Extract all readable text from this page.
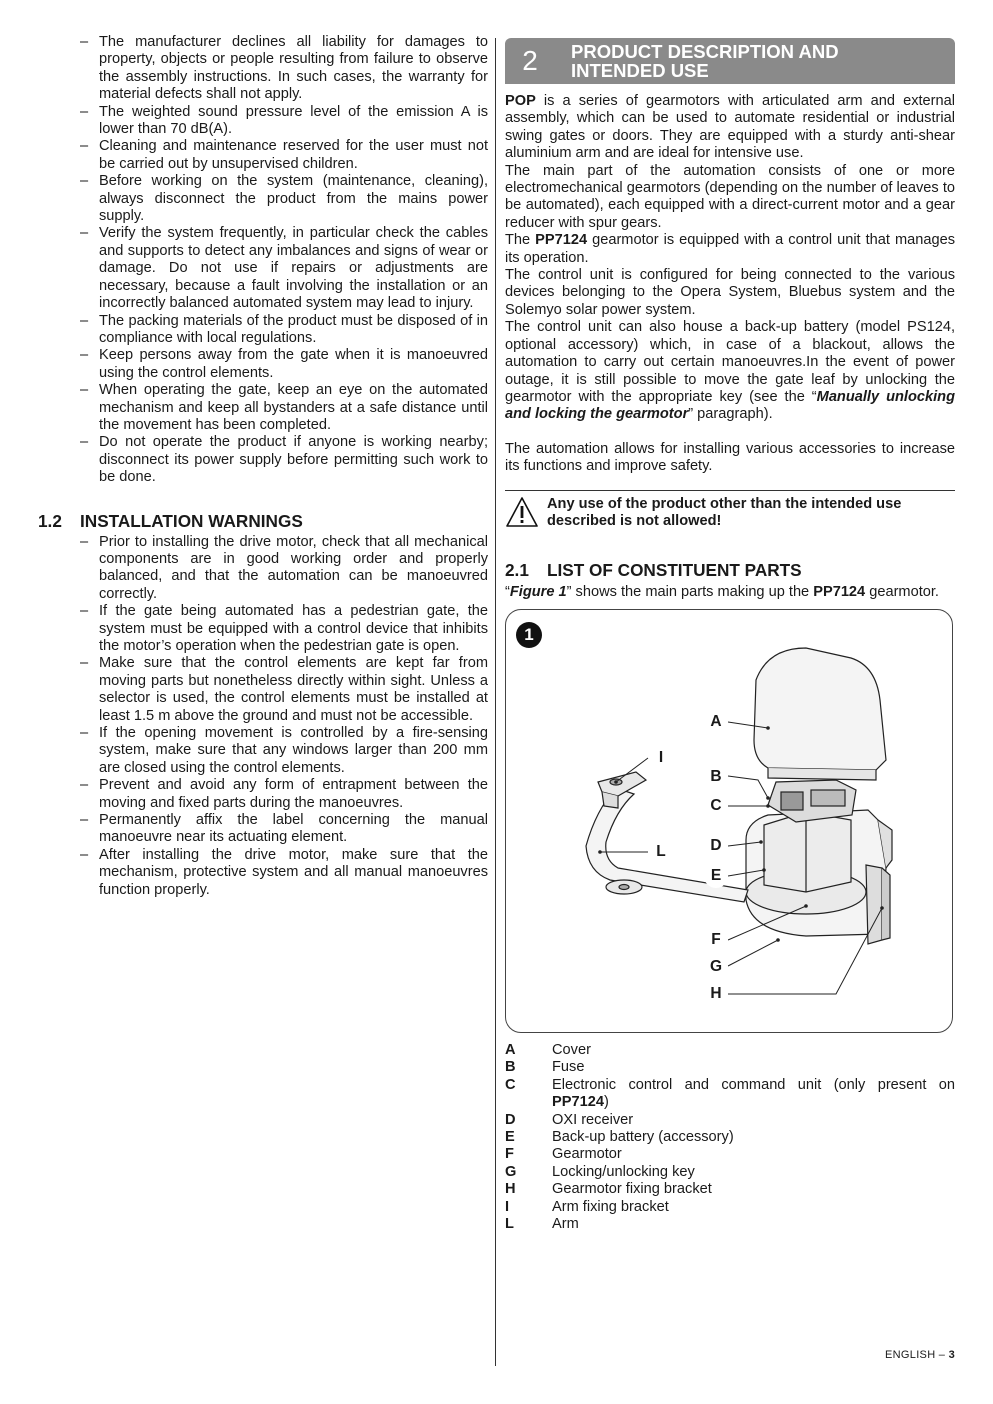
– The manufacturer declines all liability for damages to property, objects or people resulting from failure to observe the assembly instructions. In such cases, the warranty for material defects shall not apply.
– The weighted sound pressure level of the emission A is lower than 70 dB(A).
– Cleaning and maintenance reserved for the user must not be carried out by unsupervised children.
– Before working on the system (maintenance, cleaning), always disconnect the product from the mains power supply.
– Verify the system frequently, in particular check the cables and supports to detect any imbalances and signs of wear or damage. Do not use if repairs or adjustments are necessary, because a fault involving the installation or an incorrectly balanced automated system may lead to injury.
– The packing materials of the product must be disposed of in compliance with local regulations.
– Keep persons away from the gate when it is manoeuvred using the control elements.
– When operating the gate, keep an eye on the automated mechanism and keep all bystanders at a safe distance until the movement has been completed.
– Do not operate the product if anyone is working nearby; disconnect its power supply before permitting such work to be done.
1.2	INSTALLATION WARNINGS
– Prior to installing the drive motor, check that all mechanical components are in good working order and properly balanced, and that the automation can be manoeuvred correctly.
– If the gate being automated has a pedestrian gate, the system must be equipped with a control device that inhibits the motor’s operation when the pedestrian gate is open.
– Make sure that the control elements are kept far from moving parts but nonetheless directly within sight. Unless a selector is used, the control elements must be installed at least 1.5 m above the ground and must not be accessible.
– If the opening movement is controlled by a fire-sensing system, make sure that any windows larger than 200 mm are closed using the control elements.
– Prevent and avoid any form of entrapment between the moving and fixed parts during the manoeuvres.
– Permanently affix the label concerning the manual manoeuvre near its actuating element.
– After installing the drive motor, make sure that the mechanism, protective system and all manual manoeuvres function properly.
2	PRODUCT DESCRIPTION AND
INTENDED USE

POP is a series of gearmotors with articulated arm and external assembly, which can be used to automate residential or industrial swing gates or doors. They are equipped with a sturdy anti-shear aluminium arm and are ideal for intensive use.

The main part of the automation consists of one or more electromechanical gearmotors (depending on the number of leaves to be automated), each equipped with a direct-current motor and a gear reducer with spur gears.

The PP7124 gearmotor is equipped with a control unit that manages its operation.

The control unit is configured for being connected to the various devices belonging to the Opera System, Bluebus system and the Solemyo solar power system.

The control unit can also house a back-up battery (model PS124, optional accessory) which, in case of a blackout, allows the automation to carry out certain manoeuvres.In the event of power outage, it is still possible to move the gate leaf by unlocking the gearmotor with the appropriate key (see the “Manually unlocking and locking the gearmotor” paragraph).

The automation allows for installing various accessories to increase its functions and improve safety.

Any use of the product other than the intended use described is not allowed!
2.1	LIST OF CONSTITUENT PARTS

“Figure 1” shows the main parts making up the PP7124 gearmotor.

1
A
B
C
D
E
F
G
H
I
L
A	Cover
B	Fuse
C	Electronic control and command unit (only present on PP7124)
D	OXI receiver
E	Back-up battery (accessory)
F	Gearmotor
G	Locking/unlocking key
H	Gearmotor fixing bracket
I	Arm fixing bracket
L	Arm
ENGLISH – 3
